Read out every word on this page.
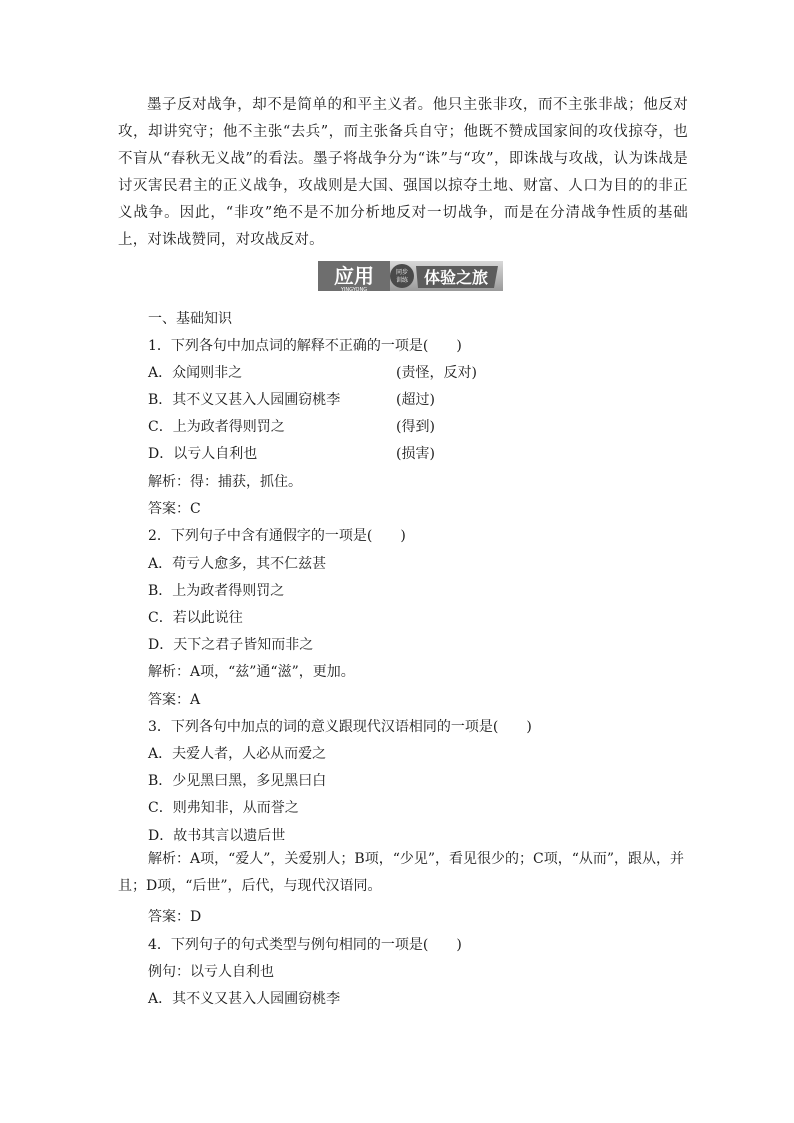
墨子反对战争，却不是简单的和平主义者。他只主张非攻，而不主张非战；他反对攻，却讲究守；他不主张“去兵”，而主张备兵自守；他既不赞成国家间的攻伐掠夺，也不盲从“春秋无义战”的看法。墨子将战争分为“诛”与“攻”，即诛战与攻战，认为诛战是讨灭害民君主的正义战争，攻战则是大国、强国以掠夺土地、财富、人口为目的的非正义战争。因此，“非攻”绝不是不加分析地反对一切战争，而是在分清战争性质的基础上，对诛战赞同，对攻战反对。
应用
YINGYONG
同步
训练 体验之旅
一、基础知识
1．下列各句中加点词的解释不正确的一项是(　　)
A．众闻则非之	(责怪，反对)
B．其不义又甚入人园圃窃桃李	(超过)
C．上为政者得则罚之	(得到)
D．以亏人自利也	(损害)
解析：得：捕获，抓住。
答案：C
2．下列句子中含有通假字的一项是(　　)
A．苟亏人愈多，其不仁兹甚
B．上为政者得则罚之
C．若以此说往
D．天下之君子皆知而非之
解析：A项，“兹”通“滋”，更加。
答案：A
3．下列各句中加点的词的意义跟现代汉语相同的一项是(　　)
A．夫爱人者，人必从而爱之
B．少见黑曰黑，多见黑曰白
C．则弗知非，从而誉之
D．故书其言以遗后世
解析：A项，“爱人”，关爱别人；B项，“少见”，看见很少的；C项，“从而”，跟从，并且；D项，“后世”，后代，与现代汉语同。
答案：D
4．下列句子的句式类型与例句相同的一项是(　　)
例句：以亏人自利也
A．其不义又甚入人园圃窃桃李
